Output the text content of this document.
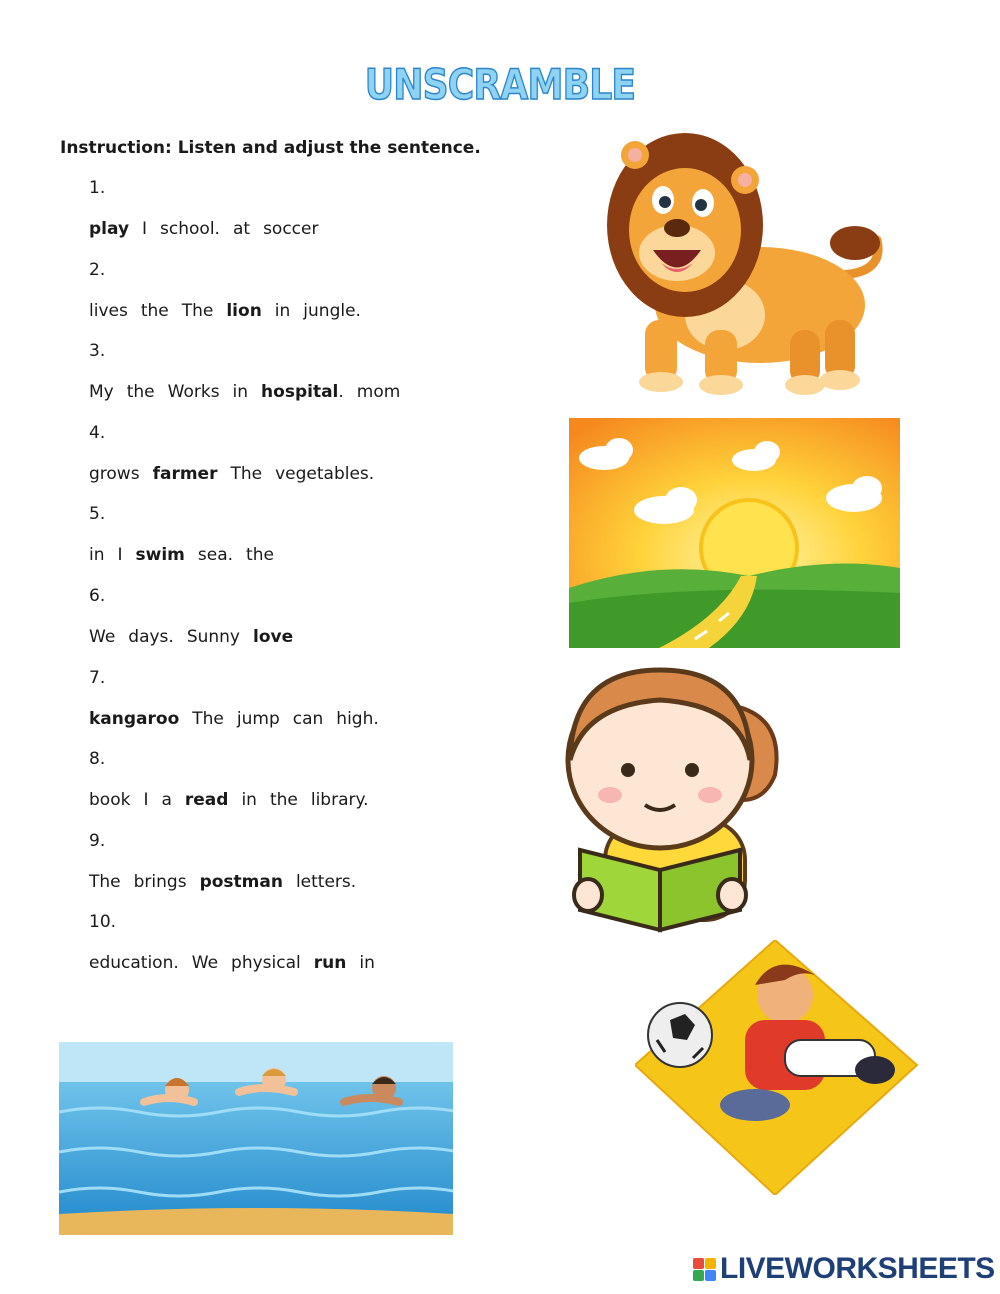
UNSCRAMBLE
Instruction: Listen and adjust the sentence.
1.
play I school. at soccer
2.
lives the The lion in jungle.
3.
My the Works in hospital. mom
4.
grows farmer The vegetables.
5.
in I swim sea. the
6.
We days. Sunny love
7.
kangaroo The jump can high.
8.
book I a read in the library.
9.
The brings postman letters.
10.
education. We physical run in
LIVEWORKSHEETS
